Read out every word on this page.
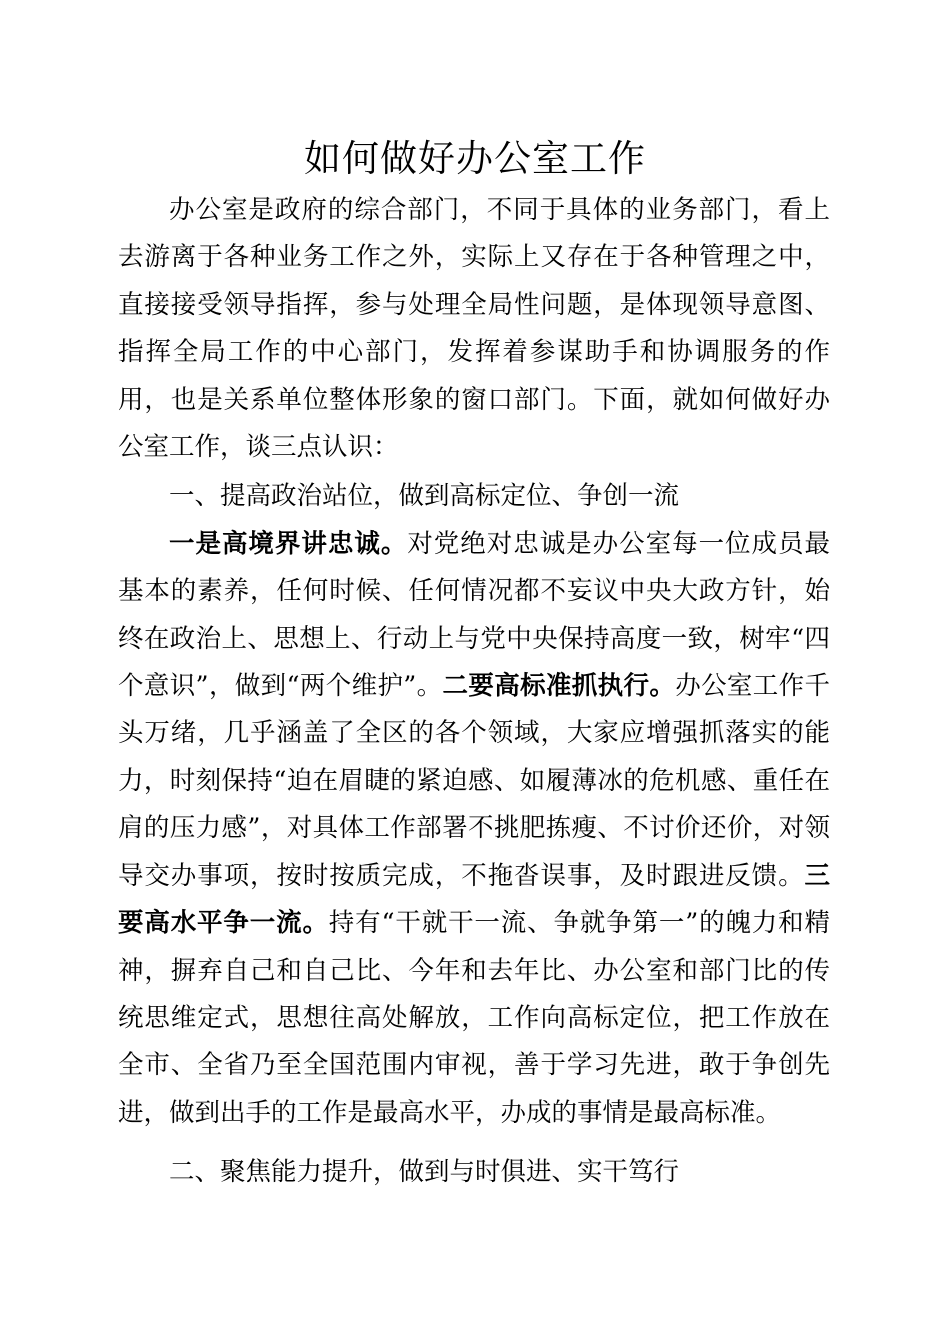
如何做好办公室工作

办公室是政府的综合部门，不同于具体的业务部门，看上去游离于各种业务工作之外，实际上又存在于各种管理之中，直接接受领导指挥，参与处理全局性问题，是体现领导意图、指挥全局工作的中心部门，发挥着参谋助手和协调服务的作用，也是关系单位整体形象的窗口部门。下面，就如何做好办公室工作，谈三点认识：

一、提高政治站位，做到高标定位、争创一流

一是高境界讲忠诚。对党绝对忠诚是办公室每一位成员最基本的素养，任何时候、任何情况都不妄议中央大政方针，始终在政治上、思想上、行动上与党中央保持高度一致，树牢“四个意识”，做到“两个维护”。二要高标准抓执行。办公室工作千头万绪，几乎涵盖了全区的各个领域，大家应增强抓落实的能力，时刻保持“迫在眉睫的紧迫感、如履薄冰的危机感、重任在肩的压力感”，对具体工作部署不挑肥拣瘦、不讨价还价，对领导交办事项，按时按质完成，不拖沓误事，及时跟进反馈。三要高水平争一流。持有“干就干一流、争就争第一”的魄力和精神，摒弃自己和自己比、今年和去年比、办公室和部门比的传统思维定式，思想往高处解放，工作向高标定位，把工作放在全市、全省乃至全国范围内审视，善于学习先进，敢于争创先进，做到出手的工作是最高水平，办成的事情是最高标准。

二、聚焦能力提升，做到与时俱进、实干笃行
